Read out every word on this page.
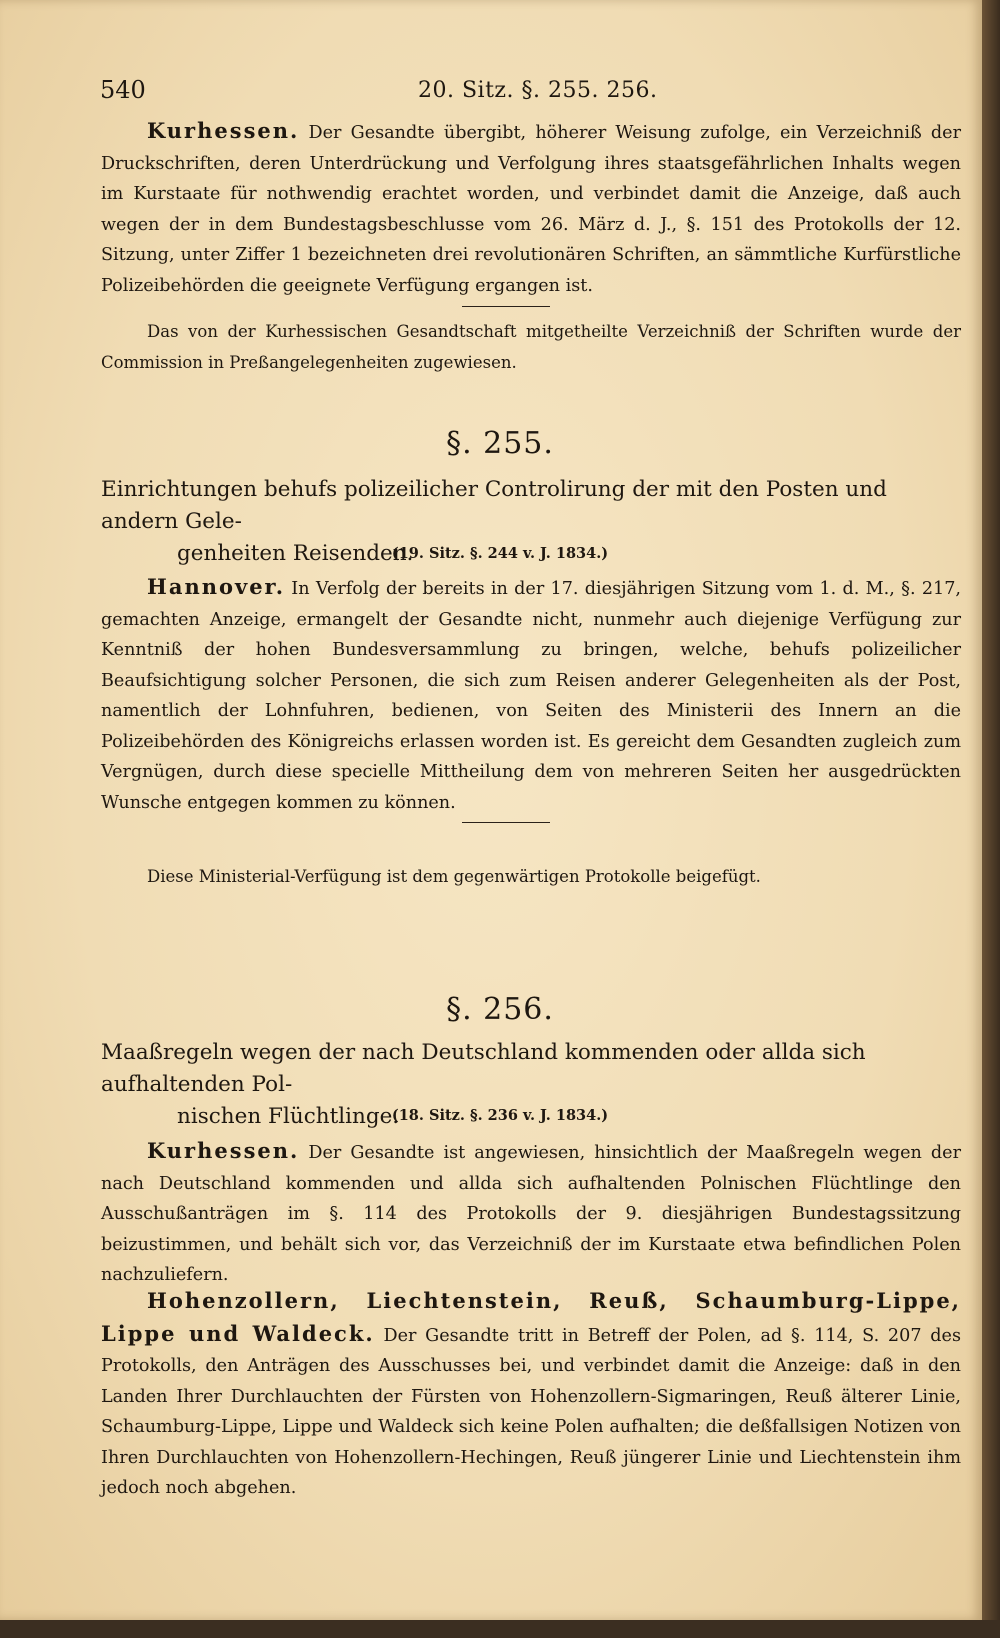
540	20. Sitz. §. 255. 256.
Kurhessen. Der Gesandte übergibt, höherer Weisung zufolge, ein Verzeichniß der Druckschriften, deren Unterdrückung und Verfolgung ihres staatsgefährlichen Inhalts wegen im Kurstaate für nothwendig erachtet worden, und verbindet damit die Anzeige, daß auch wegen der in dem Bundestagsbeschlusse vom 26. März d. J., §. 151 des Protokolls der 12. Sitzung, unter Ziffer 1 bezeichneten drei revolutionären Schriften, an sämmtliche Kurfürstliche Polizeibehörden die geeignete Verfügung ergangen ist.
Das von der Kurhessischen Gesandtschaft mitgetheilte Verzeichniß der Schriften wurde der Commission in Preßangelegenheiten zugewiesen.
§. 255.
Einrichtungen behufs polizeilicher Controlirung der mit den Posten und andern Gele-
genheiten Reisenden.
(19. Sitz. §. 244 v. J. 1834.)
Hannover. In Verfolg der bereits in der 17. diesjährigen Sitzung vom 1. d. M., §. 217, gemachten Anzeige, ermangelt der Gesandte nicht, nunmehr auch diejenige Verfügung zur Kenntniß der hohen Bundesversammlung zu bringen, welche, behufs polizeilicher Beaufsichtigung solcher Personen, die sich zum Reisen anderer Gelegenheiten als der Post, namentlich der Lohnfuhren, bedienen, von Seiten des Ministerii des Innern an die Polizeibehörden des Königreichs erlassen worden ist. Es gereicht dem Gesandten zugleich zum Vergnügen, durch diese specielle Mittheilung dem von mehreren Seiten her ausgedrückten Wunsche entgegen kommen zu können.
Diese Ministerial-Verfügung ist dem gegenwärtigen Protokolle beigefügt.
§. 256.
Maaßregeln wegen der nach Deutschland kommenden oder allda sich aufhaltenden Pol-
nischen Flüchtlinge.
(18. Sitz. §. 236 v. J. 1834.)
Kurhessen. Der Gesandte ist angewiesen, hinsichtlich der Maaßregeln wegen der nach Deutschland kommenden und allda sich aufhaltenden Polnischen Flüchtlinge den Ausschußanträgen im §. 114 des Protokolls der 9. diesjährigen Bundestagssitzung beizustimmen, und behält sich vor, das Verzeichniß der im Kurstaate etwa befindlichen Polen nachzuliefern.
Hohenzollern, Liechtenstein, Reuß, Schaumburg-Lippe, Lippe und Waldeck. Der Gesandte tritt in Betreff der Polen, ad §. 114, S. 207 des Protokolls, den Anträgen des Ausschusses bei, und verbindet damit die Anzeige: daß in den Landen Ihrer Durchlauchten der Fürsten von Hohenzollern-Sigmaringen, Reuß älterer Linie, Schaumburg-Lippe, Lippe und Waldeck sich keine Polen aufhalten; die deßfallsigen Notizen von Ihren Durchlauchten von Hohenzollern-Hechingen, Reuß jüngerer Linie und Liechtenstein ihm jedoch noch abgehen.
